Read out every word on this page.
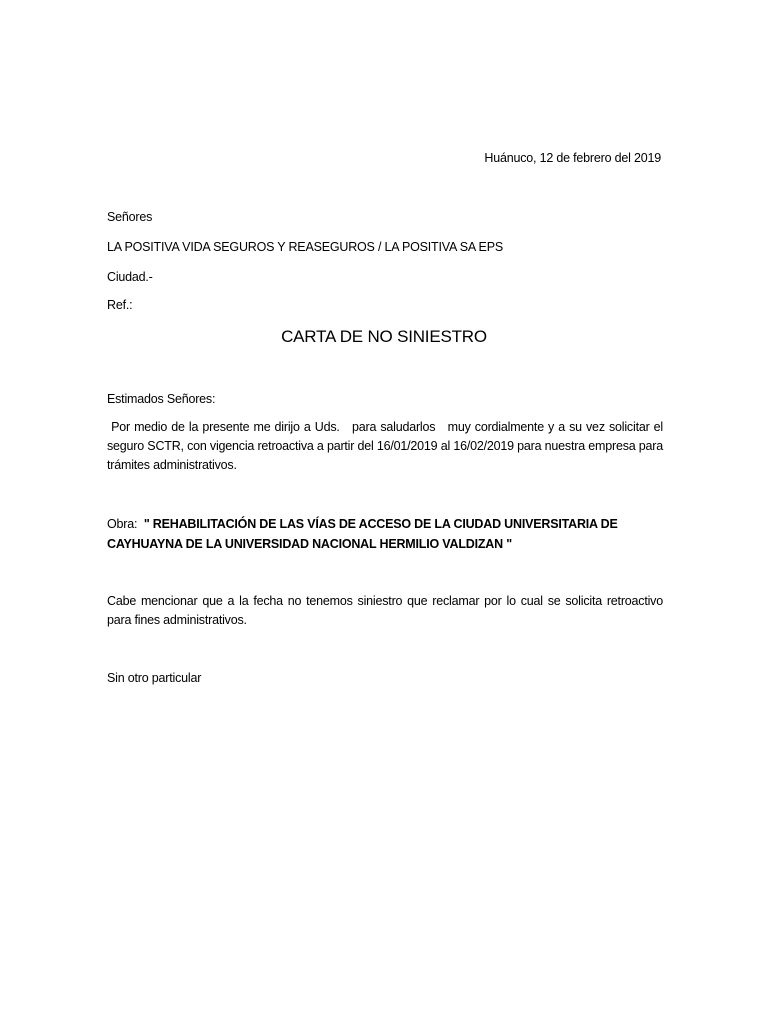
Huánuco, 12 de febrero del 2019
Señores
LA POSITIVA VIDA SEGUROS Y REASEGUROS / LA POSITIVA SA EPS
Ciudad.-
Ref.:
CARTA DE NO SINIESTRO
Estimados Señores:
Por medio de la presente me dirijo a Uds.   para saludarlos   muy cordialmente y a su vez solicitar el seguro SCTR, con vigencia retroactiva a partir del 16/01/2019 al 16/02/2019 para nuestra empresa para trámites administrativos.
Obra:  " REHABILITACIÓN DE LAS VÍAS DE ACCESO DE LA CIUDAD UNIVERSITARIA DE CAYHUAYNA DE LA UNIVERSIDAD NACIONAL HERMILIO VALDIZAN "
Cabe mencionar que a la fecha no tenemos siniestro que reclamar por lo cual se solicita retroactivo para fines administrativos.
Sin otro particular
